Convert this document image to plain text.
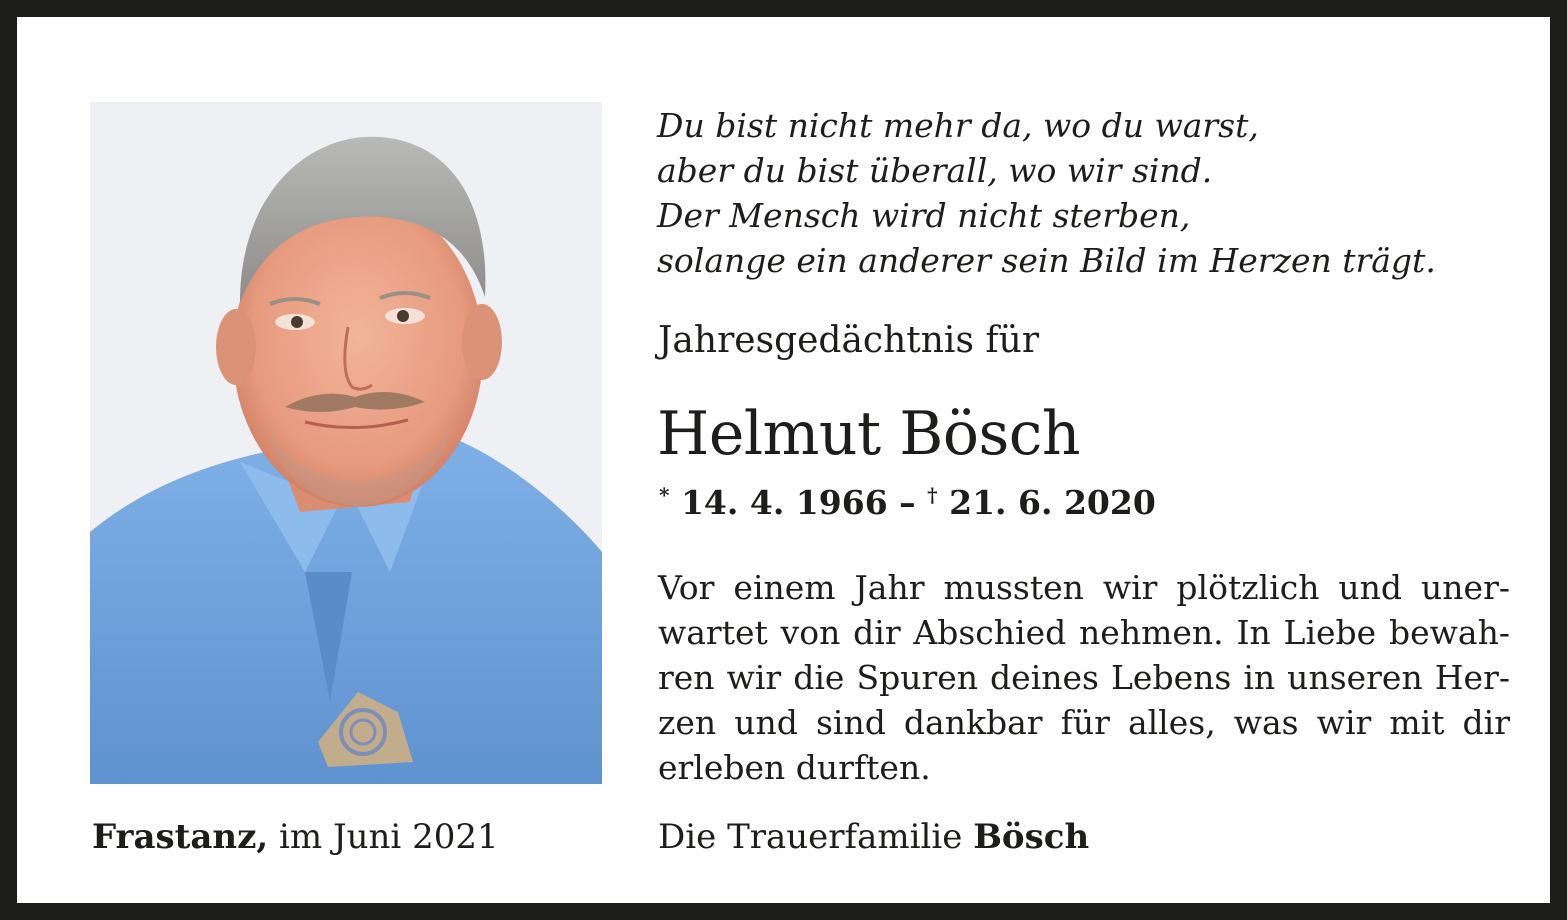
Frastanz, im Juni 2021
Du bist nicht mehr da, wo du warst,
aber du bist überall, wo wir sind.
Der Mensch wird nicht sterben,
solange ein anderer sein Bild im Herzen trägt.
Jahresgedächtnis für
Helmut Bösch
* 14. 4. 1966 – † 21. 6. 2020
Vor einem Jahr mussten wir plötzlich und uner-
wartet von dir Abschied nehmen. In Liebe bewah-
ren wir die Spuren deines Lebens in unseren Her-
zen und sind dankbar für alles, was wir mit dir
erleben durften.
Die Trauerfamilie Bösch
